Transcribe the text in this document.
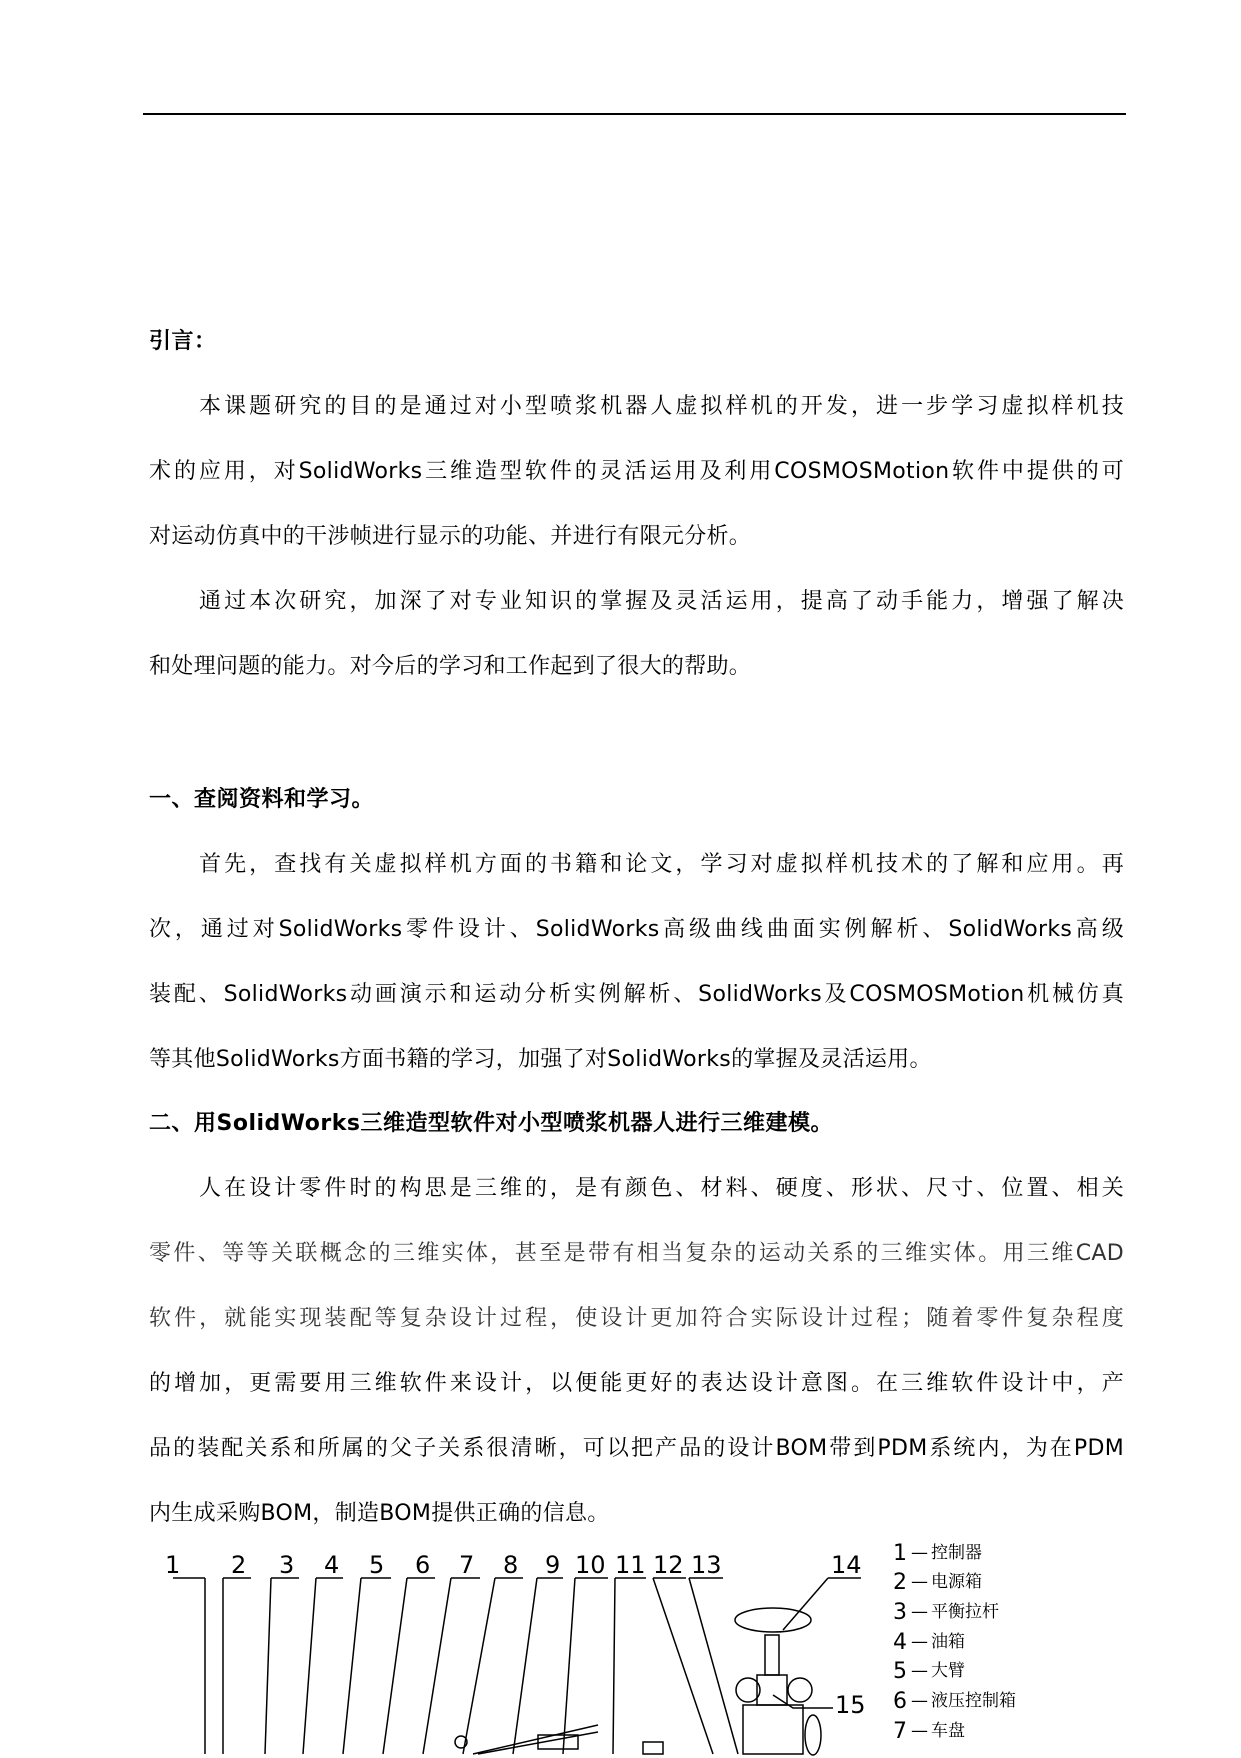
引言：
本课题研究的目的是通过对小型喷浆机器人虚拟样机的开发，进一步学习虚拟样机技
术的应用，对SolidWorks三维造型软件的灵活运用及利用COSMOSMotion软件中提供的可
对运动仿真中的干涉帧进行显示的功能、并进行有限元分析。
通过本次研究，加深了对专业知识的掌握及灵活运用，提高了动手能力，增强了解决
和处理问题的能力。对今后的学习和工作起到了很大的帮助。
一、查阅资料和学习。
首先，查找有关虚拟样机方面的书籍和论文，学习对虚拟样机技术的了解和应用。再
次，通过对SolidWorks零件设计、SolidWorks高级曲线曲面实例解析、SolidWorks高级
装配、SolidWorks动画演示和运动分析实例解析、SolidWorks及COSMOSMotion机械仿真
等其他SolidWorks方面书籍的学习，加强了对SolidWorks的掌握及灵活运用。
二、用SolidWorks三维造型软件对小型喷浆机器人进行三维建模。
人在设计零件时的构思是三维的，是有颜色、材料、硬度、形状、尺寸、位置、相关
零件、等等关联概念的三维实体，甚至是带有相当复杂的运动关系的三维实体。用三维CAD
软件，就能实现装配等复杂设计过程，使设计更加符合实际设计过程；随着零件复杂程度
的增加，更需要用三维软件来设计，以便能更好的表达设计意图。在三维软件设计中，产
品的装配关系和所属的父子关系很清晰，可以把产品的设计BOM带到PDM系统内，为在PDM
内生成采购BOM，制造BOM提供正确的信息。
1 2 3 4 5 6 7 8 9 10 11 12 13	14
15
1 — 控制器
2 — 电源箱
3 — 平衡拉杆
4 — 油箱
5 — 大臂
6 — 液压控制箱
7 — 车盘
